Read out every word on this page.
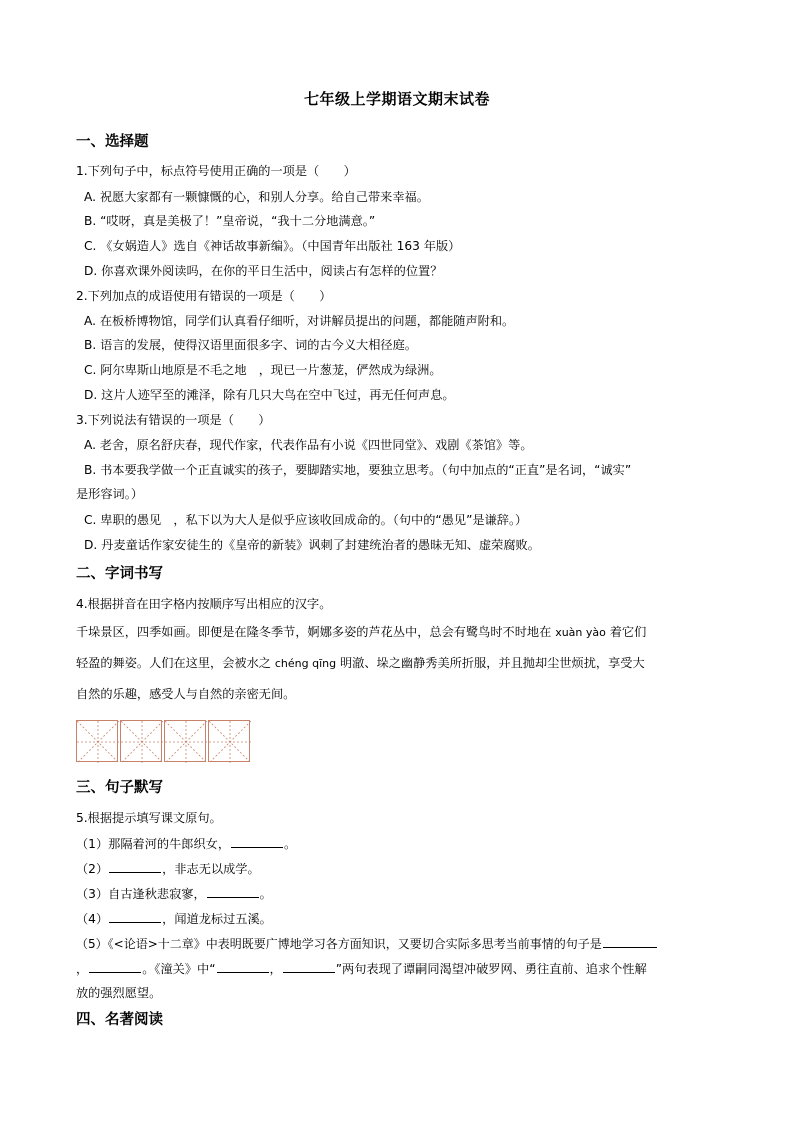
七年级上学期语文期末试卷
一、选择题
1.下列句子中，标点符号使用正确的一项是（　　）
A. 祝愿大家都有一颗慷慨的心，和别人分享。给自己带来幸福。
B. “哎呀，真是美极了！”皇帝说，“我十二分地满意。”
C. 《女娲造人》选自《神话故事新编》。（中国青年出版社 163 年版）
D. 你喜欢课外阅读吗，在你的平日生活中，阅读占有怎样的位置？
2.下列加点的成语使用有错误的一项是（　　）
A. 在板桥博物馆，同学们认真看仔细听，对讲解员提出的问题，都能随声附和。
B. 语言的发展，使得汉语里面很多字、词的古今义大相径庭。
C. 阿尔卑斯山地原是不毛之地　，现已一片葱茏，俨然成为绿洲。
D. 这片人迹罕至的滩泽，除有几只大鸟在空中飞过，再无任何声息。
3.下列说法有错误的一项是（　　）
A. 老舍，原名舒庆春，现代作家，代表作品有小说《四世同堂》、戏剧《茶馆》等。
B. 书本要我学做一个正直诚实的孩子，要脚踏实地，要独立思考。（句中加点的“正直”是名词，“诚实”
是形容词。）
C. 卑职的愚见　，私下以为大人是似乎应该收回成命的。（句中的“愚见”是谦辞。）
D. 丹麦童话作家安徒生的《皇帝的新装》讽刺了封建统治者的愚昧无知、虚荣腐败。
二、字词书写
4.根据拼音在田字格内按顺序写出相应的汉字。
千垛景区，四季如画。即便是在隆冬季节，婀娜多姿的芦花丛中，总会有鹭鸟时不时地在 xuàn yào 着它们
轻盈的舞姿。人们在这里，会被水之 chéng qīng 明澈、垛之幽静秀美所折服，并且抛却尘世烦扰，享受大
自然的乐趣，感受人与自然的亲密无间。
三、句子默写
5.根据提示填写课文原句。
（1）那隔着河的牛郎织女，	。
（2）	，非志无以成学。
（3）自古逢秋悲寂寥，	。
（4）	，闻道龙标过五溪。
（5）《<论语>十二章》中表明既要广博地学习各方面知识，又要切合实际多思考当前事情的句子是
，	。《潼关》中“	，	”两句表现了谭嗣同渴望冲破罗网、勇往直前、追求个性解
放的强烈愿望。
四、名著阅读
